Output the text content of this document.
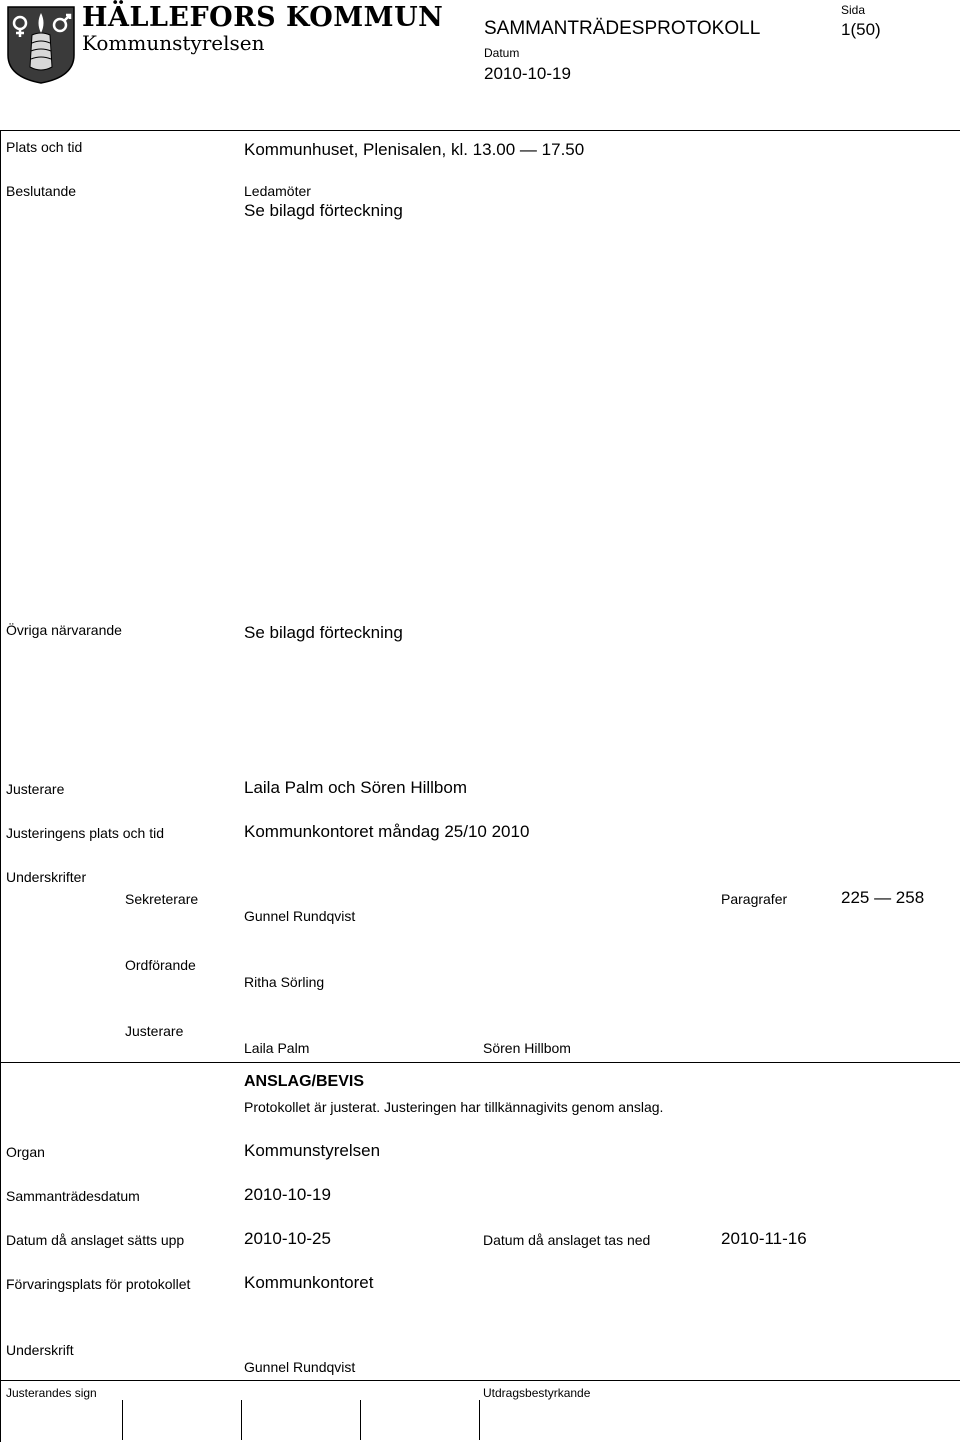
HÄLLEFORS KOMMUN
Kommunstyrelsen
SAMMANTRÄDESPROTOKOLL
Datum
2010-10-19
Sida
1(50)
Plats och tid	Kommunhuset, Plenisalen, kl. 13.00 — 17.50
Beslutande	Ledamöter
Se bilagd förteckning
Övriga närvarande	Se bilagd förteckning
Justerare	Laila Palm och Sören Hillbom
Justeringens plats och tid	Kommunkontoret måndag 25/10 2010
Underskrifter
Sekreterare
Gunnel Rundqvist
Paragrafer	225 — 258
Ordförande
Ritha Sörling
Justerare
Laila Palm	Sören Hillbom
ANSLAG/BEVIS
Protokollet är justerat. Justeringen har tillkännagivits genom anslag.
Organ	Kommunstyrelsen
Sammanträdesdatum	2010-10-19
Datum då anslaget sätts upp	2010-10-25	Datum då anslaget tas ned	2010-11-16
Förvaringsplats för protokollet	Kommunkontoret
Underskrift
Gunnel Rundqvist
Justerandes sign	Utdragsbestyrkande
